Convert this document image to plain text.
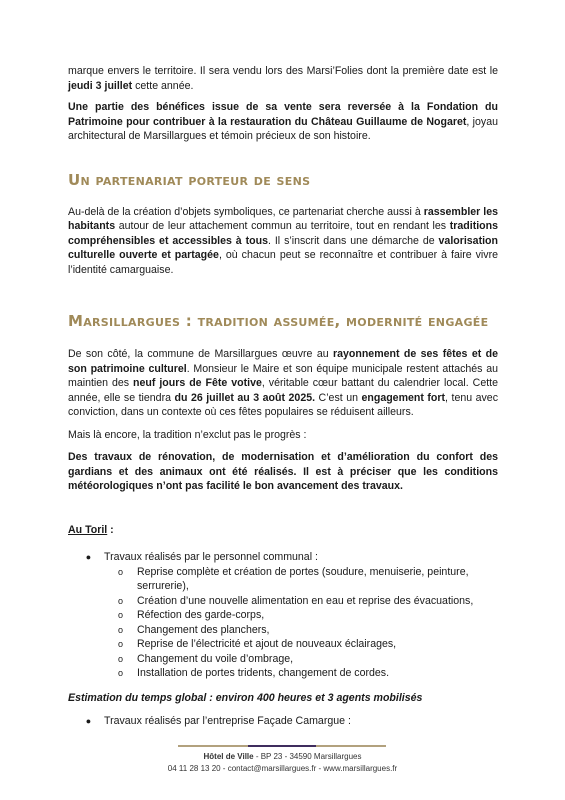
marque envers le territoire. Il sera vendu lors des Marsi’Folies dont la première date est le jeudi 3 juillet cette année.

Une partie des bénéfices issue de sa vente sera reversée à la Fondation du Patrimoine pour contribuer à la restauration du Château Guillaume de Nogaret, joyau architectural de Marsillargues et témoin précieux de son histoire.

Un partenariat porteur de sens

Au-delà de la création d’objets symboliques, ce partenariat cherche aussi à rassembler les habitants autour de leur attachement commun au territoire, tout en rendant les traditions compréhensibles et accessibles à tous. Il s’inscrit dans une démarche de valorisation culturelle ouverte et partagée, où chacun peut se reconnaître et contribuer à faire vivre l’identité camarguaise.

Marsillargues : tradition assumée, modernité engagée

De son côté, la commune de Marsillargues œuvre au rayonnement de ses fêtes et de son patrimoine culturel. Monsieur le Maire et son équipe municipale restent attachés au maintien des neuf jours de Fête votive, véritable cœur battant du calendrier local. Cette année, elle se tiendra du 26 juillet au 3 août 2025. C’est un engagement fort, tenu avec conviction, dans un contexte où ces fêtes populaires se réduisent ailleurs.

Mais là encore, la tradition n’exclut pas le progrès :

Des travaux de rénovation, de modernisation et d’amélioration du confort des gardians et des animaux ont été réalisés. Il est à préciser que les conditions météorologiques n’ont pas facilité le bon avancement des travaux.

Au Toril :

● Travaux réalisés par le personnel communal :
o	Reprise complète et création de portes (soudure, menuiserie, peinture, serrurerie),
o	Création d’une nouvelle alimentation en eau et reprise des évacuations,
o	Réfection des garde-corps,
o	Changement des planchers,
o	Reprise de l’électricité et ajout de nouveaux éclairages,
o	Changement du voile d’ombrage,
o	Installation de portes tridents, changement de cordes.

Estimation du temps global : environ 400 heures et 3 agents mobilisés

● Travaux réalisés par l’entreprise Façade Camargue :
Hôtel de Ville - BP 23 - 34590 Marsillargues
04 11 28 13 20 - contact@marsillargues.fr - www.marsillargues.fr
